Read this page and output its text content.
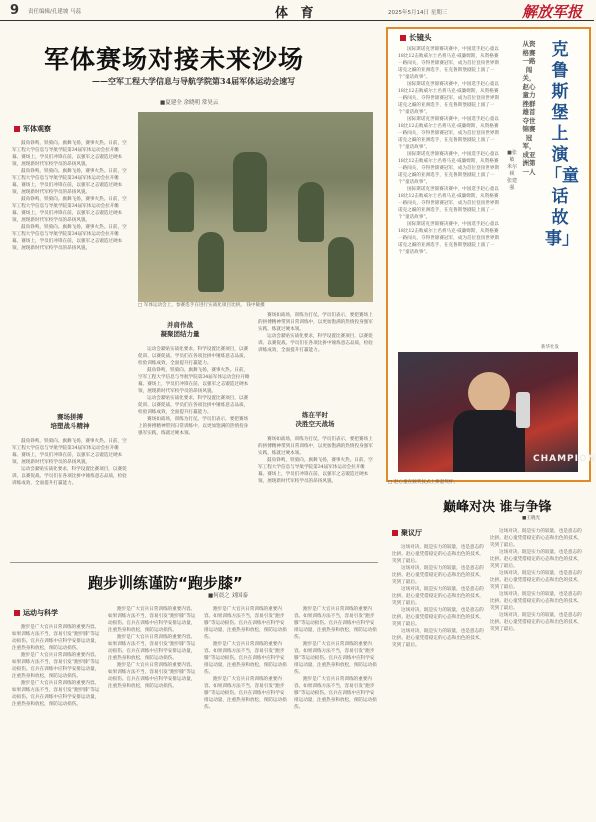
9 责任编辑/孔建坡 马蕊	体 育	2025年5月14日 星期三	解放军报
军体赛场对接未来沙场
——空军工程大学信息与导航学院第34届军体运动会速写
■夏建全 余晓明 常昊云
军体观察

鼓角铮鸣，铁骑向。旗舞飞扬，赛事火热。日前，空军工程大学信息与导航学院第34届军体运动会拉开帷幕。赛场上，学员们冲锋在前，以强军之志锻造过硬本领，展现新时代军校学员的昂扬风貌。

鼓角铮鸣，铁骑向。旗舞飞扬，赛事火热。日前，空军工程大学信息与导航学院第34届军体运动会拉开帷幕。赛场上，学员们冲锋在前，以强军之志锻造过硬本领，展现新时代军校学员的昂扬风貌。

鼓角铮鸣，铁骑向。旗舞飞扬，赛事火热。日前，空军工程大学信息与导航学院第34届军体运动会拉开帷幕。赛场上，学员们冲锋在前，以强军之志锻造过硬本领，展现新时代军校学员的昂扬风貌。

鼓角铮鸣，铁骑向。旗舞飞扬，赛事火热。日前，空军工程大学信息与导航学院第34届军体运动会拉开帷幕。赛场上，学员们冲锋在前，以强军之志锻造过硬本领，展现新时代军校学员的昂扬风貌。

赛场拼搏
培塑战斗精神

鼓角铮鸣，铁骑向。旗舞飞扬，赛事火热。日前，空军工程大学信息与导航学院第34届军体运动会拉开帷幕。赛场上，学员们冲锋在前，以强军之志锻造过硬本领，展现新时代军校学员的昂扬风貌。

运动会紧贴实战化要求，科学设置比赛项目，以赛促训、以赛促战。学员们在各项比拼中锤炼意志品质，检验训练成效，全面提升打赢能力。

□ 军体运动会上，参赛选手在进行实战化项目比拼。 钱中敏摄
并肩作战
凝聚团结力量

运动会紧贴实战化要求，科学设置比赛项目，以赛促训、以赛促战。学员们在各项比拼中锤炼意志品质，检验训练成效，全面提升打赢能力。

鼓角铮鸣，铁骑向。旗舞飞扬，赛事火热。日前，空军工程大学信息与导航学院第34届军体运动会拉开帷幕。赛场上，学员们冲锋在前，以强军之志锻造过硬本领，展现新时代军校学员的昂扬风貌。

运动会紧贴实战化要求，科学设置比赛项目，以赛促训、以赛促战。学员们在各项比拼中锤炼意志品质，检验训练成效，全面提升打赢能力。

赛场如战场，训练为打仗。学员们表示，要把赛场上的拼搏精神带到日常训练中，以更加饱满的热情投身强军实践，练就过硬本领。

赛场如战场，训练为打仗。学员们表示，要把赛场上的拼搏精神带到日常训练中，以更加饱满的热情投身强军实践，练就过硬本领。

运动会紧贴实战化要求，科学设置比赛项目，以赛促训、以赛促战。学员们在各项比拼中锤炼意志品质，检验训练成效，全面提升打赢能力。

练在平时
决胜空天战场

赛场如战场，训练为打仗。学员们表示，要把赛场上的拼搏精神带到日常训练中，以更加饱满的热情投身强军实践，练就过硬本领。

鼓角铮鸣，铁骑向。旗舞飞扬，赛事火热。日前，空军工程大学信息与导航学院第34届军体运动会拉开帷幕。赛场上，学员们冲锋在前，以强军之志锻造过硬本领，展现新时代军校学员的昂扬风貌。

跑步训练谨防“跑步膝”
■何晨之 刘国泰
运动与科学

跑步是广大官兵日常训练的重要内容。如果训练方法不当，容易引发“跑步膝”等运动损伤。官兵在训练中应科学安排运动量，注重热身和放松，预防运动损伤。

跑步是广大官兵日常训练的重要内容。如果训练方法不当，容易引发“跑步膝”等运动损伤。官兵在训练中应科学安排运动量，注重热身和放松，预防运动损伤。

跑步是广大官兵日常训练的重要内容。如果训练方法不当，容易引发“跑步膝”等运动损伤。官兵在训练中应科学安排运动量，注重热身和放松，预防运动损伤。

跑步是广大官兵日常训练的重要内容。如果训练方法不当，容易引发“跑步膝”等运动损伤。官兵在训练中应科学安排运动量，注重热身和放松，预防运动损伤。

跑步是广大官兵日常训练的重要内容。如果训练方法不当，容易引发“跑步膝”等运动损伤。官兵在训练中应科学安排运动量，注重热身和放松，预防运动损伤。

跑步是广大官兵日常训练的重要内容。如果训练方法不当，容易引发“跑步膝”等运动损伤。官兵在训练中应科学安排运动量，注重热身和放松，预防运动损伤。

跑步是广大官兵日常训练的重要内容。如果训练方法不当，容易引发“跑步膝”等运动损伤。官兵在训练中应科学安排运动量，注重热身和放松，预防运动损伤。

跑步是广大官兵日常训练的重要内容。如果训练方法不当，容易引发“跑步膝”等运动损伤。官兵在训练中应科学安排运动量，注重热身和放松，预防运动损伤。

跑步是广大官兵日常训练的重要内容。如果训练方法不当，容易引发“跑步膝”等运动损伤。官兵在训练中应科学安排运动量，注重热身和放松，预防运动损伤。

跑步是广大官兵日常训练的重要内容。如果训练方法不当，容易引发“跑步膝”等运动损伤。官兵在训练中应科学安排运动量，注重热身和放松，预防运动损伤。

跑步是广大官兵日常训练的重要内容。如果训练方法不当，容易引发“跑步膝”等运动损伤。官兵在训练中应科学安排运动量，注重热身和放松，预防运动损伤。

跑步是广大官兵日常训练的重要内容。如果训练方法不当，容易引发“跑步膝”等运动损伤。官兵在训练中应科学安排运动量，注重热身和放松，预防运动损伤。

长镜头

国际斯诺克世锦赛决赛中，中国选手赵心童以18比12击败威尔士名将马克·威廉姆斯，从资格赛一路闯关，夺得世锦赛冠军，成为首位登顶世界斯诺克之巅的亚洲选手，在克鲁斯堡剧院上演了一个“童话故事”。

国际斯诺克世锦赛决赛中，中国选手赵心童以18比12击败威尔士名将马克·威廉姆斯，从资格赛一路闯关，夺得世锦赛冠军，成为首位登顶世界斯诺克之巅的亚洲选手，在克鲁斯堡剧院上演了一个“童话故事”。

国际斯诺克世锦赛决赛中，中国选手赵心童以18比12击败威尔士名将马克·威廉姆斯，从资格赛一路闯关，夺得世锦赛冠军，成为首位登顶世界斯诺克之巅的亚洲选手，在克鲁斯堡剧院上演了一个“童话故事”。

国际斯诺克世锦赛决赛中，中国选手赵心童以18比12击败威尔士名将马克·威廉姆斯，从资格赛一路闯关，夺得世锦赛冠军，成为首位登顶世界斯诺克之巅的亚洲选手，在克鲁斯堡剧院上演了一个“童话故事”。

国际斯诺克世锦赛决赛中，中国选手赵心童以18比12击败威尔士名将马克·威廉姆斯，从资格赛一路闯关，夺得世锦赛冠军，成为首位登顶世界斯诺克之巅的亚洲选手，在克鲁斯堡剧院上演了一个“童话故事”。

国际斯诺克世锦赛决赛中，中国选手赵心童以18比12击败威尔士名将马克·威廉姆斯，从资格赛一路闯关，夺得世锦赛冠军，成为首位登顶世界斯诺克之巅的亚洲选手，在克鲁斯堡剧院上演了一个“童话故事”。

从资格赛一路闯关，赵心童力挫群雄首夺世锦赛冠军，成亚洲第一人
克鲁斯堡上演「童话故事」
■张敏 米尔顿 张建强
新华社发
CHAMPION
□ 赵心童在颁奖仪式上捧起奖杯。
巅峰对决 谁与争锋
■王晓光
聚议厅

这场对决，既是实力的较量，也是意志的比拼。赵心童凭借稳定的心态和出色的技术，笑到了最后。

这场对决，既是实力的较量，也是意志的比拼。赵心童凭借稳定的心态和出色的技术，笑到了最后。

这场对决，既是实力的较量，也是意志的比拼。赵心童凭借稳定的心态和出色的技术，笑到了最后。

这场对决，既是实力的较量，也是意志的比拼。赵心童凭借稳定的心态和出色的技术，笑到了最后。

这场对决，既是实力的较量，也是意志的比拼。赵心童凭借稳定的心态和出色的技术，笑到了最后。

这场对决，既是实力的较量，也是意志的比拼。赵心童凭借稳定的心态和出色的技术，笑到了最后。

这场对决，既是实力的较量，也是意志的比拼。赵心童凭借稳定的心态和出色的技术，笑到了最后。

这场对决，既是实力的较量，也是意志的比拼。赵心童凭借稳定的心态和出色的技术，笑到了最后。

这场对决，既是实力的较量，也是意志的比拼。赵心童凭借稳定的心态和出色的技术，笑到了最后。

这场对决，既是实力的较量，也是意志的比拼。赵心童凭借稳定的心态和出色的技术，笑到了最后。
